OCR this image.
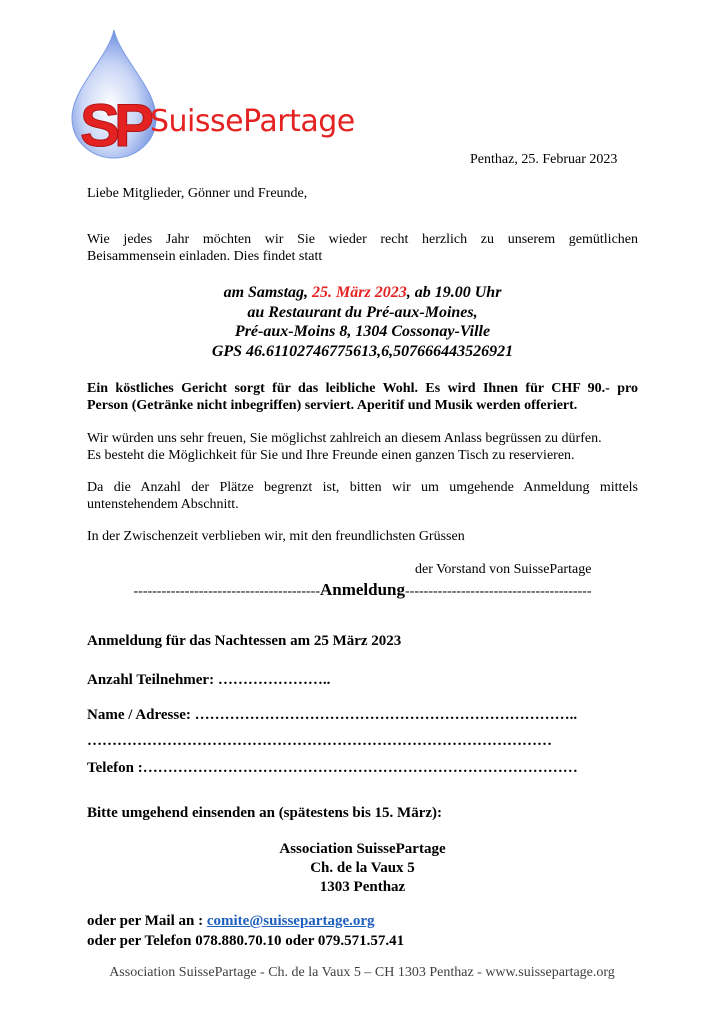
SP SuissePartage
Penthaz, 25. Februar 2023
Liebe Mitglieder, Gönner und Freunde,
Wie jedes Jahr möchten wir Sie wieder recht herzlich zu unserem gemütlichen
Beisammensein einladen. Dies findet statt
am Samstag, 25. März 2023, ab 19.00 Uhr
au Restaurant du Pré-aux-Moines,
Pré-aux-Moins 8, 1304 Cossonay-Ville
GPS 46.61102746775613,6,507666443526921
Ein köstliches Gericht sorgt für das leibliche Wohl. Es wird Ihnen für CHF 90.- pro
Person (Getränke nicht inbegriffen) serviert. Aperitif und Musik werden offeriert.
Wir würden uns sehr freuen, Sie möglichst zahlreich an diesem Anlass begrüssen zu dürfen.
Es besteht die Möglichkeit für Sie und Ihre Freunde einen ganzen Tisch zu reservieren.
Da die Anzahl der Plätze begrenzt ist, bitten wir um umgehende Anmeldung mittels
untenstehendem Abschnitt.
In der Zwischenzeit verblieben wir, mit den freundlichsten Grüssen
der Vorstand von SuissePartage
----------------------------------------Anmeldung----------------------------------------
Anmeldung für das Nachtessen am 25 März 2023
Anzahl Teilnehmer: …………………..
Name / Adresse: …………………………………………………………………..
…………………………………………………………………………………
Telefon :……………………………………………………………………………
Bitte umgehend einsenden an (spätestens bis 15. März):
Association SuissePartage
Ch. de la Vaux 5
1303 Penthaz
oder per Mail an : comite@suissepartage.org
oder per Telefon 078.880.70.10 oder 079.571.57.41
Association SuissePartage - Ch. de la Vaux 5 – CH 1303 Penthaz - www.suissepartage.org
